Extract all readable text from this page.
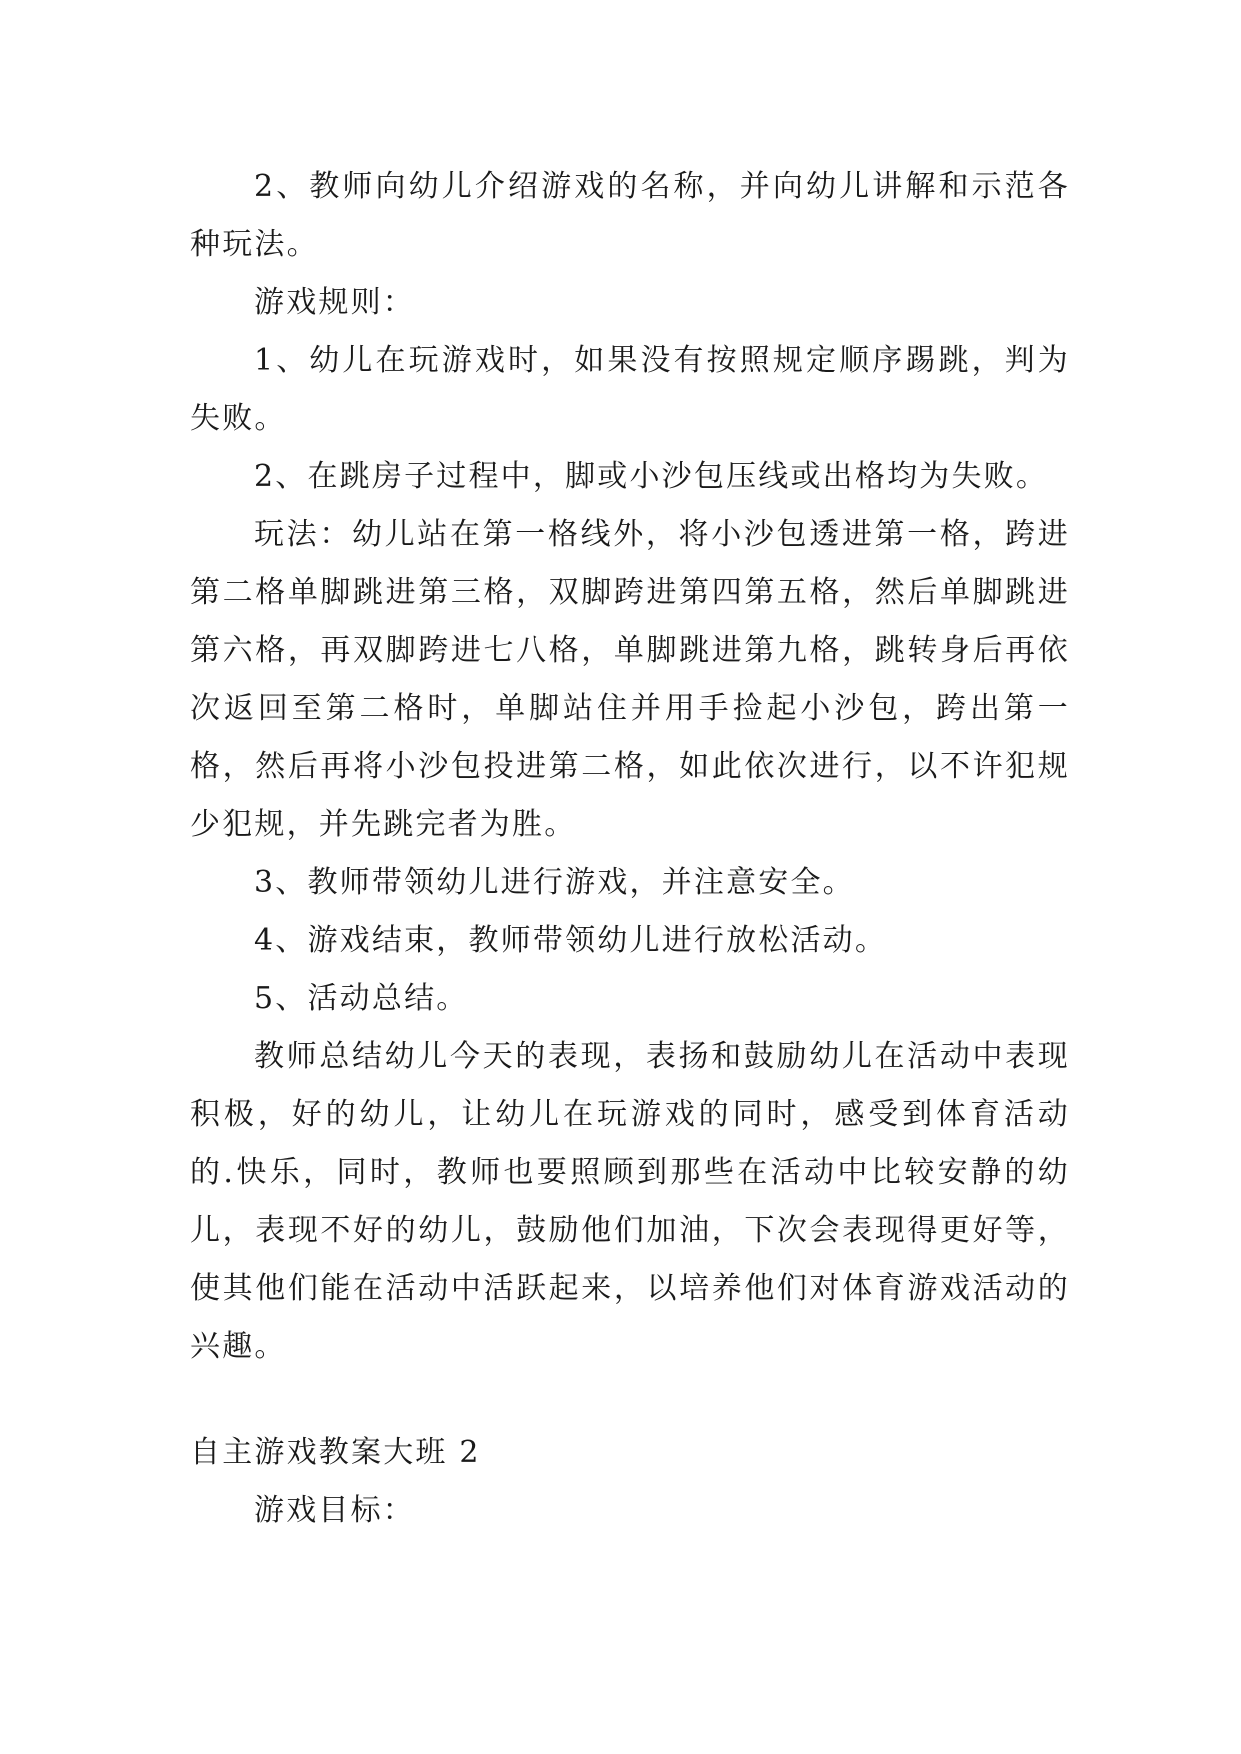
2、教师向幼儿介绍游戏的名称，并向幼儿讲解和示范各种玩法。

游戏规则：

1、幼儿在玩游戏时，如果没有按照规定顺序踢跳，判为失败。

2、在跳房子过程中，脚或小沙包压线或出格均为失败。

玩法：幼儿站在第一格线外，将小沙包透进第一格，跨进第二格单脚跳进第三格，双脚跨进第四第五格，然后单脚跳进第六格，再双脚跨进七八格，单脚跳进第九格，跳转身后再依次返回至第二格时，单脚站住并用手捡起小沙包，跨出第一格，然后再将小沙包投进第二格，如此依次进行，以不许犯规少犯规，并先跳完者为胜。

3、教师带领幼儿进行游戏，并注意安全。

4、游戏结束，教师带领幼儿进行放松活动。

5、活动总结。

教师总结幼儿今天的表现，表扬和鼓励幼儿在活动中表现积极，好的幼儿，让幼儿在玩游戏的同时，感受到体育活动的.快乐，同时，教师也要照顾到那些在活动中比较安静的幼儿，表现不好的幼儿，鼓励他们加油，下次会表现得更好等，使其他们能在活动中活跃起来，以培养他们对体育游戏活动的兴趣。

自主游戏教案大班 2

游戏目标：
